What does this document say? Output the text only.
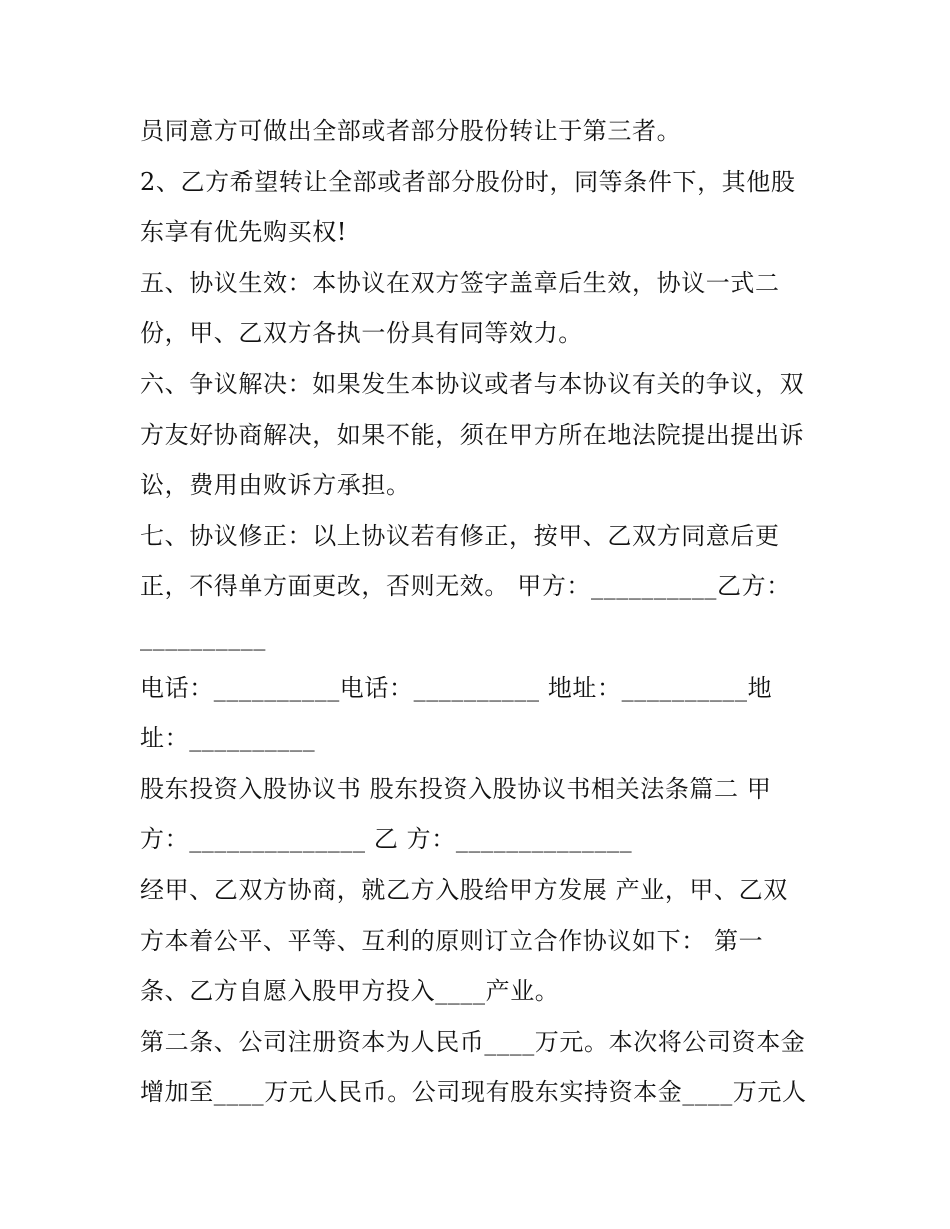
员同意方可做出全部或者部分股份转让于第三者。
2、乙方希望转让全部或者部分股份时，同等条件下，其他股
东享有优先购买权!
五、协议生效：本协议在双方签字盖章后生效，协议一式二
份，甲、乙双方各执一份具有同等效力。
六、争议解决：如果发生本协议或者与本协议有关的争议，双
方友好协商解决，如果不能，须在甲方所在地法院提出提出诉
讼，费用由败诉方承担。
七、协议修正：以上协议若有修正，按甲、乙双方同意后更
正，不得单方面更改，否则无效。 甲方：__________乙方：
__________
电话：__________电话：__________ 地址：__________地
址：__________
股东投资入股协议书 股东投资入股协议书相关法条篇二 甲
方：______________ 乙 方：______________
经甲、乙双方协商，就乙方入股给甲方发展 产业，甲、乙双
方本着公平、平等、互利的原则订立合作协议如下： 第一
条、乙方自愿入股甲方投入____产业。
第二条、公司注册资本为人民币____万元。本次将公司资本金
增加至____万元人民币。公司现有股东实持资本金____万元人
